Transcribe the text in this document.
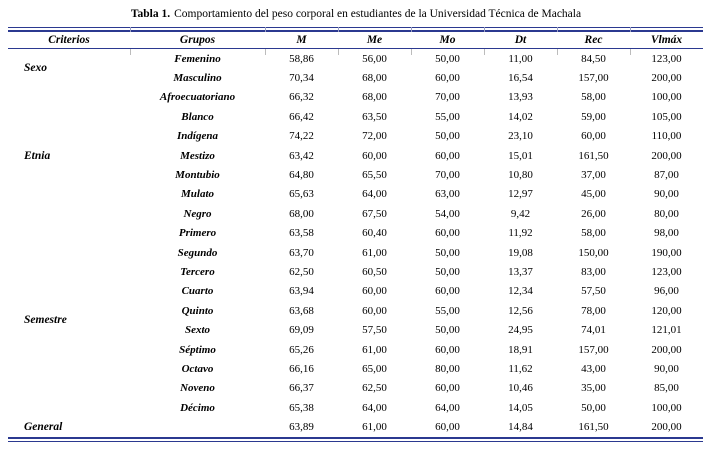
Tabla 1. Comportamiento del peso corporal en estudiantes de la Universidad Técnica de Machala
Criterios	Grupos	M	Me	Mo	Dt	Rec	Vlmáx
Sexo	Femenino	58,86	56,00	50,00	11,00	84,50	123,00
	Masculino	70,34	68,00	60,00	16,54	157,00	200,00
Etnia	Afroecuatoriano	66,32	68,00	70,00	13,93	58,00	100,00
	Blanco	66,42	63,50	55,00	14,02	59,00	105,00
	Indígena	74,22	72,00	50,00	23,10	60,00	110,00
	Mestizo	63,42	60,00	60,00	15,01	161,50	200,00
	Montubio	64,80	65,50	70,00	10,80	37,00	87,00
	Mulato	65,63	64,00	63,00	12,97	45,00	90,00
	Negro	68,00	67,50	54,00	9,42	26,00	80,00
Semestre	Primero	63,58	60,40	60,00	11,92	58,00	98,00
	Segundo	63,70	61,00	50,00	19,08	150,00	190,00
	Tercero	62,50	60,50	50,00	13,37	83,00	123,00
	Cuarto	63,94	60,00	60,00	12,34	57,50	96,00
	Quinto	63,68	60,00	55,00	12,56	78,00	120,00
	Sexto	69,09	57,50	50,00	24,95	74,01	121,01
	Séptimo	65,26	61,00	60,00	18,91	157,00	200,00
	Octavo	66,16	65,00	80,00	11,62	43,00	90,00
	Noveno	66,37	62,50	60,00	10,46	35,00	85,00
	Décimo	65,38	64,00	64,00	14,05	50,00	100,00
General		63,89	61,00	60,00	14,84	161,50	200,00
